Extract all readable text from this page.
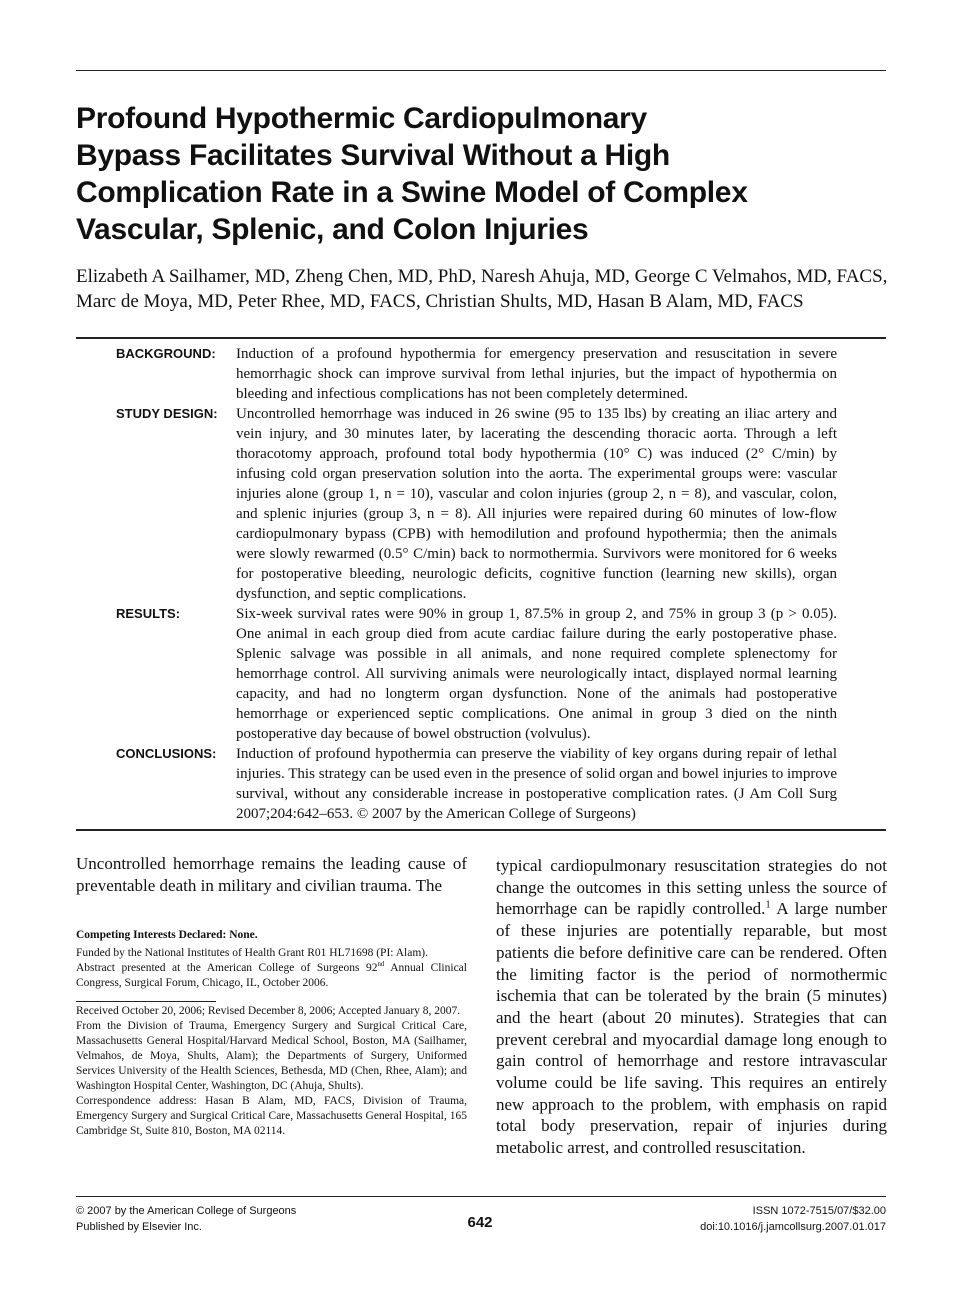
Profound Hypothermic Cardiopulmonary
Bypass Facilitates Survival Without a High
Complication Rate in a Swine Model of Complex
Vascular, Splenic, and Colon Injuries
Elizabeth A Sailhamer, MD, Zheng Chen, MD, PhD, Naresh Ahuja, MD, George C Velmahos, MD, FACS,
Marc de Moya, MD, Peter Rhee, MD, FACS, Christian Shults, MD, Hasan B Alam, MD, FACS
BACKGROUND:	Induction of a profound hypothermia for emergency preservation and resuscitation in severe hemorrhagic shock can improve survival from lethal injuries, but the impact of hypothermia on bleeding and infectious complications has not been completely determined.
STUDY DESIGN:	Uncontrolled hemorrhage was induced in 26 swine (95 to 135 lbs) by creating an iliac artery and vein injury, and 30 minutes later, by lacerating the descending thoracic aorta. Through a left thoracotomy approach, profound total body hypothermia (10° C) was induced (2° C/min) by infusing cold organ preservation solution into the aorta. The experimental groups were: vascular injuries alone (group 1, n = 10), vascular and colon injuries (group 2, n = 8), and vascular, colon, and splenic injuries (group 3, n = 8). All injuries were repaired during 60 minutes of low-flow cardiopulmonary bypass (CPB) with hemodilution and profound hypothermia; then the animals were slowly rewarmed (0.5° C/min) back to normothermia. Survivors were monitored for 6 weeks for postoperative bleeding, neurologic deficits, cognitive function (learning new skills), organ dysfunction, and septic complications.
RESULTS:	Six-week survival rates were 90% in group 1, 87.5% in group 2, and 75% in group 3 (p > 0.05). One animal in each group died from acute cardiac failure during the early postoperative phase. Splenic salvage was possible in all animals, and none required complete splenectomy for hemorrhage control. All surviving animals were neurologically intact, displayed normal learning capacity, and had no longterm organ dysfunction. None of the animals had postoperative hemorrhage or experienced septic complications. One animal in group 3 died on the ninth postoperative day because of bowel obstruction (volvulus).
CONCLUSIONS:	Induction of profound hypothermia can preserve the viability of key organs during repair of lethal injuries. This strategy can be used even in the presence of solid organ and bowel injuries to improve survival, without any considerable increase in postoperative complication rates. (J Am Coll Surg 2007;204:642–653. © 2007 by the American College of Surgeons)
Uncontrolled hemorrhage remains the leading cause of preventable death in military and civilian trauma. The

Competing Interests Declared: None.

Funded by the National Institutes of Health Grant R01 HL71698 (PI: Alam).

Abstract presented at the American College of Surgeons 92nd Annual Clinical Congress, Surgical Forum, Chicago, IL, October 2006.

Received October 20, 2006; Revised December 8, 2006; Accepted January 8, 2007.

From the Division of Trauma, Emergency Surgery and Surgical Critical Care, Massachusetts General Hospital/Harvard Medical School, Boston, MA (Sailhamer, Velmahos, de Moya, Shults, Alam); the Departments of Surgery, Uniformed Services University of the Health Sciences, Bethesda, MD (Chen, Rhee, Alam); and Washington Hospital Center, Washington, DC (Ahuja, Shults).

Correspondence address: Hasan B Alam, MD, FACS, Division of Trauma, Emergency Surgery and Surgical Critical Care, Massachusetts General Hospital, 165 Cambridge St, Suite 810, Boston, MA 02114.

typical cardiopulmonary resuscitation strategies do not change the outcomes in this setting unless the source of hemorrhage can be rapidly controlled.$^1$ A large number of these injuries are potentially reparable, but most patients die before definitive care can be rendered. Often the limiting factor is the period of normothermic ischemia that can be tolerated by the brain (5 minutes) and the heart (about 20 minutes). Strategies that can prevent cerebral and myocardial damage long enough to gain control of hemorrhage and restore intravascular volume could be life saving. This requires an entirely new approach to the problem, with emphasis on rapid total body preservation, repair of injuries during metabolic arrest, and controlled resuscitation.
© 2007 by the American College of Surgeons
Published by Elsevier Inc.	642
ISSN 1072-7515/07/$32.00
doi:10.1016/j.jamcollsurg.2007.01.017
